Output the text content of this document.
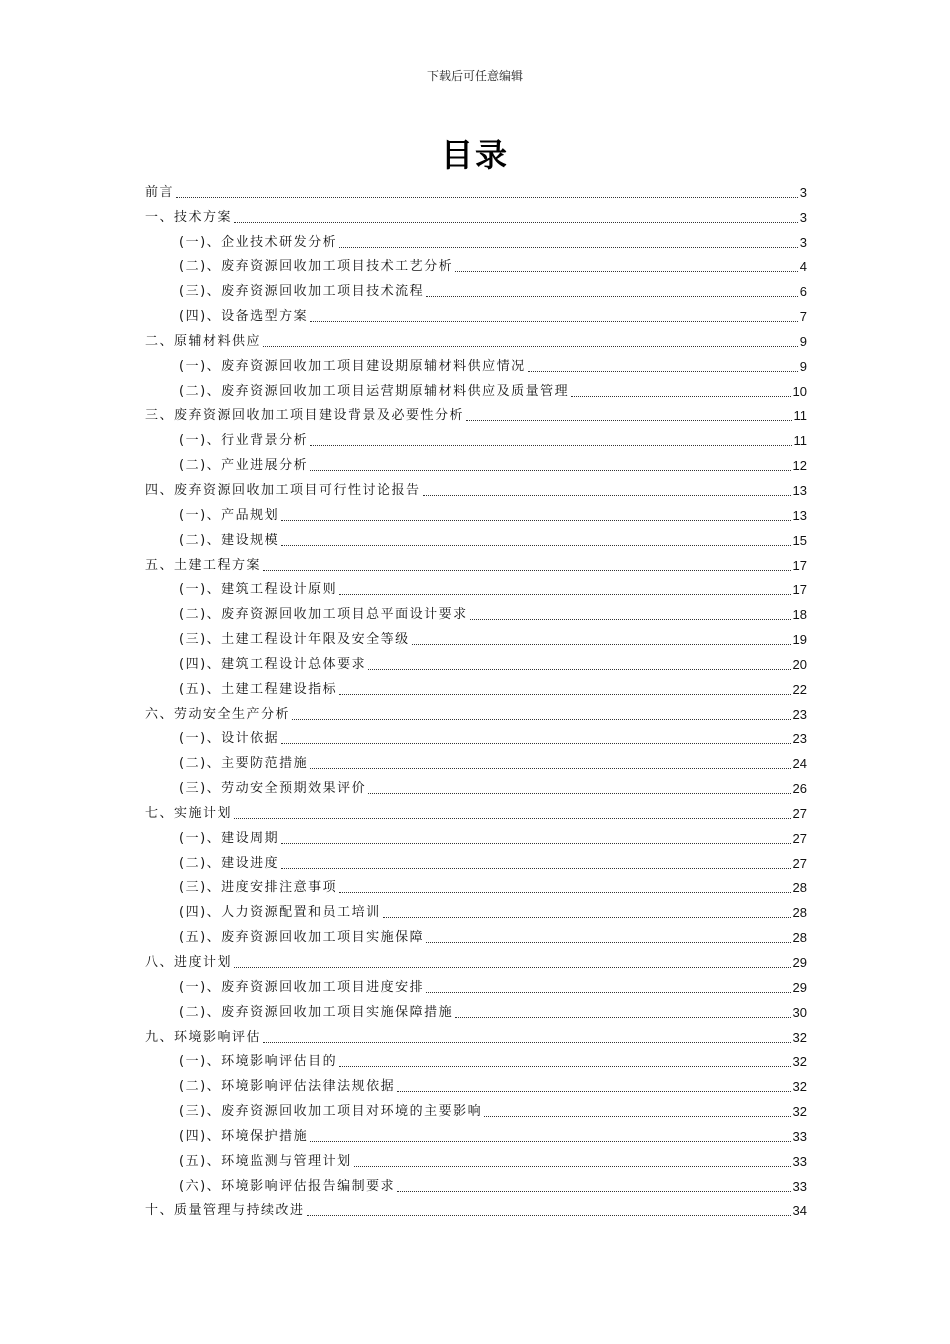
下载后可任意编辑
目录
前言	3
一、技术方案	3
(一)、企业技术研发分析	3
(二)、废弃资源回收加工项目技术工艺分析	4
(三)、废弃资源回收加工项目技术流程	6
(四)、设备选型方案	7
二、原辅材料供应	9
(一)、废弃资源回收加工项目建设期原辅材料供应情况	9
(二)、废弃资源回收加工项目运营期原辅材料供应及质量管理	10
三、废弃资源回收加工项目建设背景及必要性分析	11
(一)、行业背景分析	11
(二)、产业进展分析	12
四、废弃资源回收加工项目可行性讨论报告	13
(一)、产品规划	13
(二)、建设规模	15
五、土建工程方案	17
(一)、建筑工程设计原则	17
(二)、废弃资源回收加工项目总平面设计要求	18
(三)、土建工程设计年限及安全等级	19
(四)、建筑工程设计总体要求	20
(五)、土建工程建设指标	22
六、劳动安全生产分析	23
(一)、设计依据	23
(二)、主要防范措施	24
(三)、劳动安全预期效果评价	26
七、实施计划	27
(一)、建设周期	27
(二)、建设进度	27
(三)、进度安排注意事项	28
(四)、人力资源配置和员工培训	28
(五)、废弃资源回收加工项目实施保障	28
八、进度计划	29
(一)、废弃资源回收加工项目进度安排	29
(二)、废弃资源回收加工项目实施保障措施	30
九、环境影响评估	32
(一)、环境影响评估目的	32
(二)、环境影响评估法律法规依据	32
(三)、废弃资源回收加工项目对环境的主要影响	32
(四)、环境保护措施	33
(五)、环境监测与管理计划	33
(六)、环境影响评估报告编制要求	33
十、质量管理与持续改进	34
